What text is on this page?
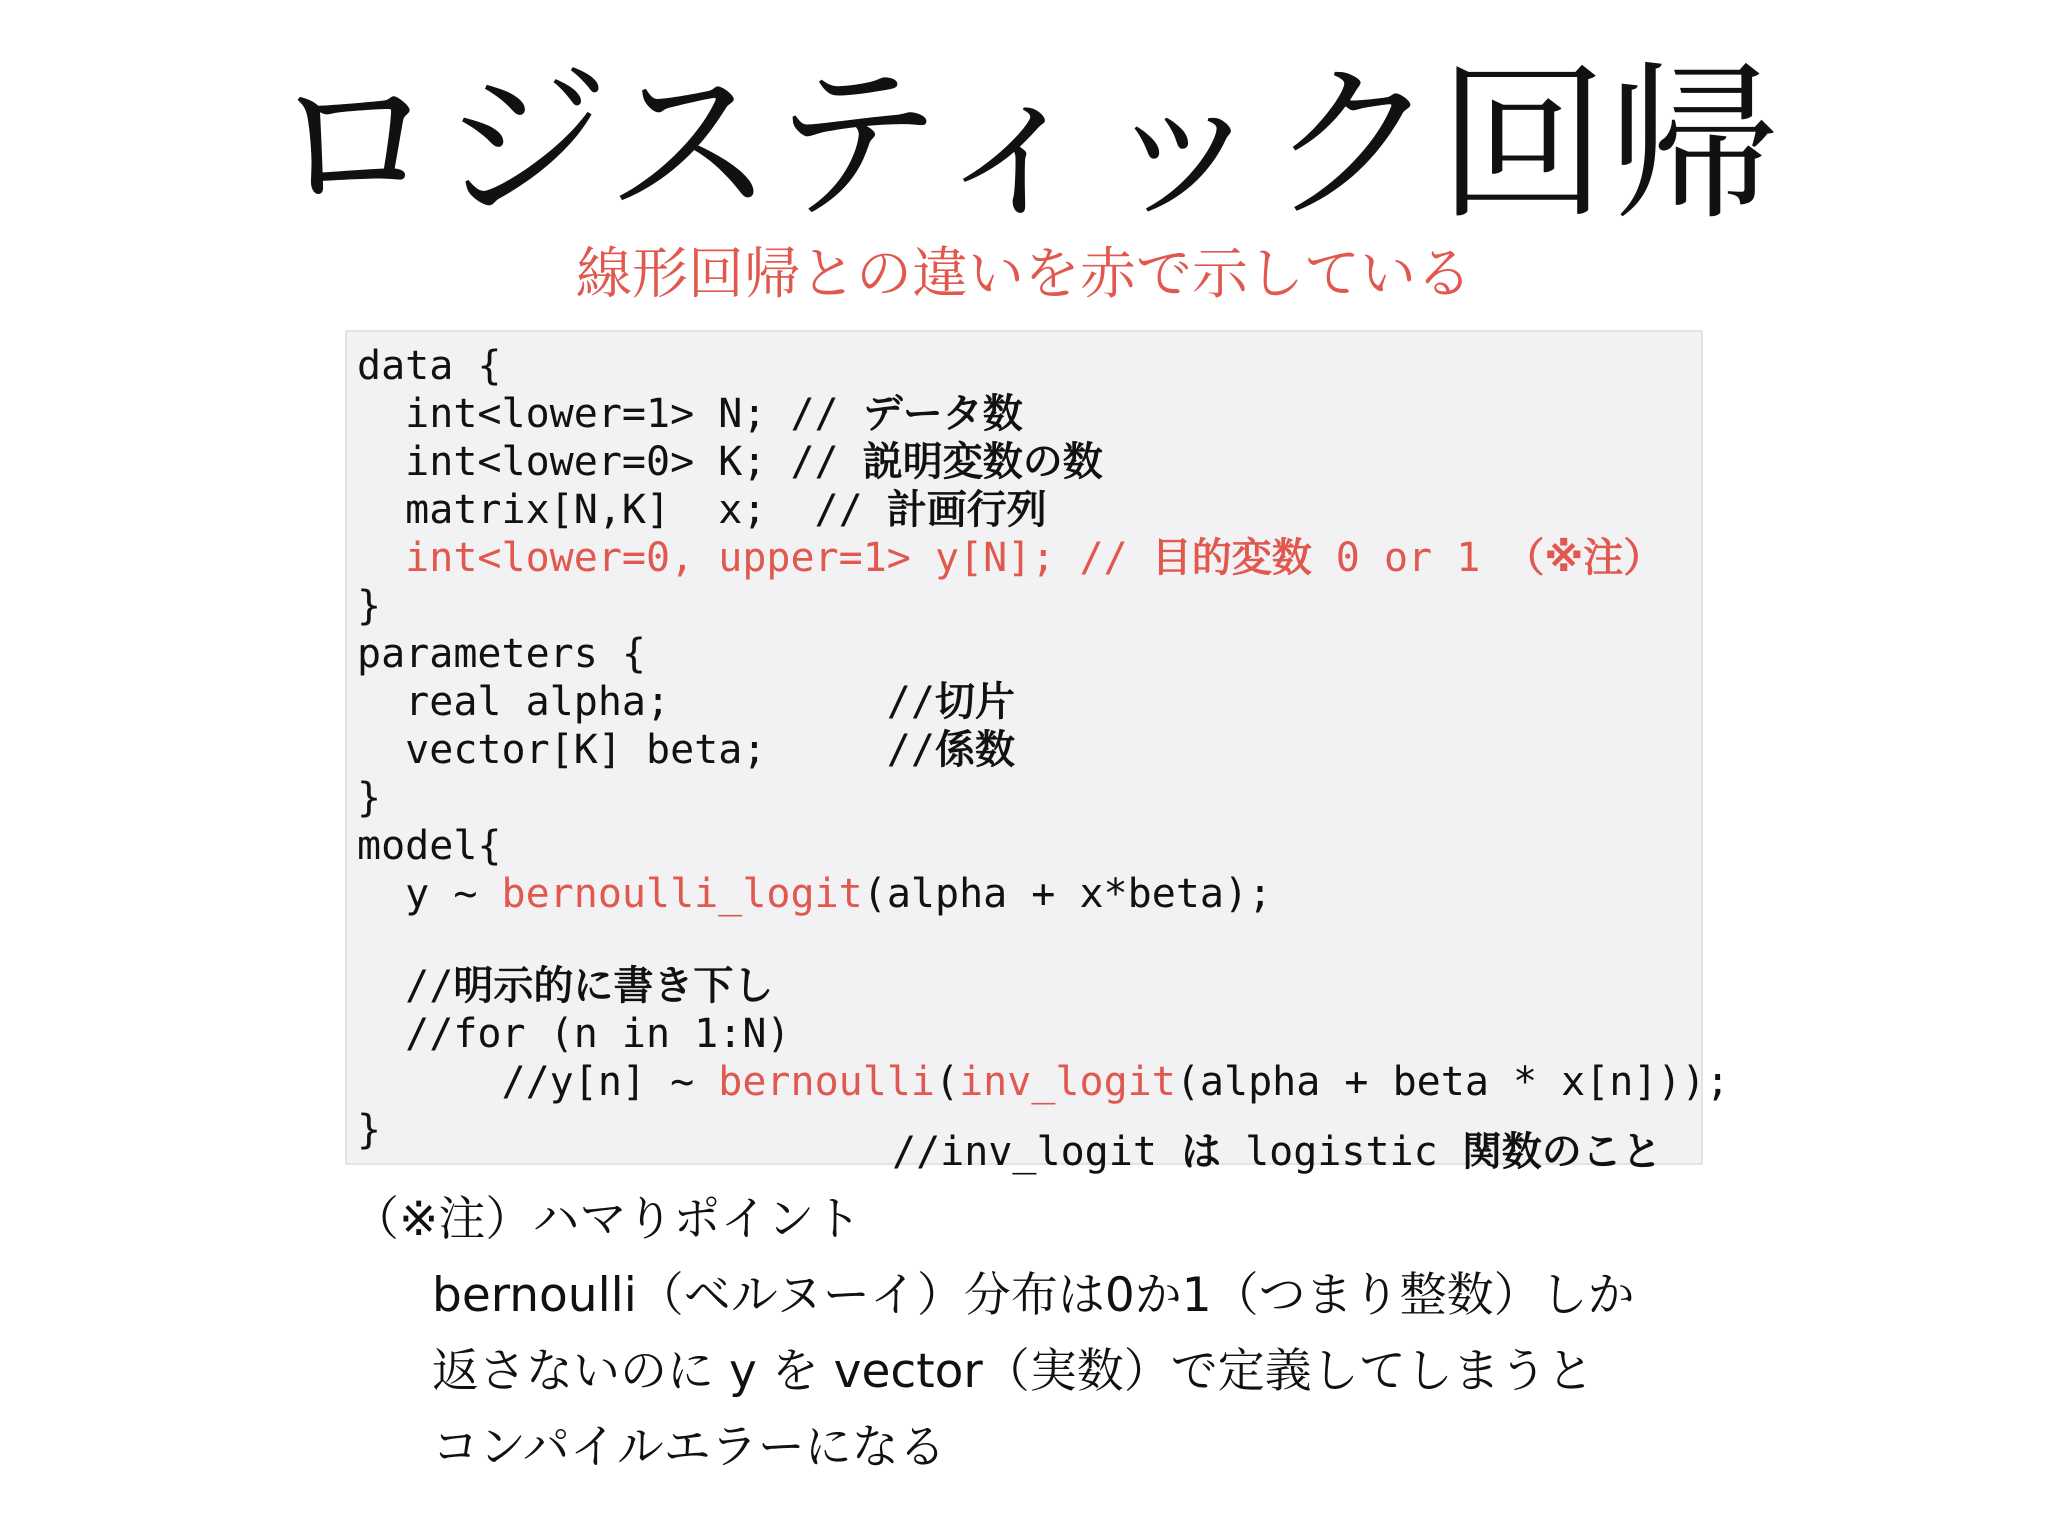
ロジスティック回帰
線形回帰との違いを赤で示している
data {
int<lower=1> N; // データ数
int<lower=0> K; // 説明変数の数
matrix[N,K]  x;  // 計画行列
int<lower=0, upper=1> y[N]; // 目的変数 0 or 1 （※注）
}
parameters {
real alpha;         //切片
vector[K] beta;     //係数
}
model{
y ~ bernoulli_logit(alpha + x*beta);
//明示的に書き下し
//for (n in 1:N)
//y[n] ~ bernoulli(inv_logit(alpha + beta * x[n]));
}	//inv_logit は logistic 関数のこと
（※注）ハマりポイント
bernoulli（ベルヌーイ）分布は0か1（つまり整数）しか
返さないのに y を vector（実数）で定義してしまうと
コンパイルエラーになる
